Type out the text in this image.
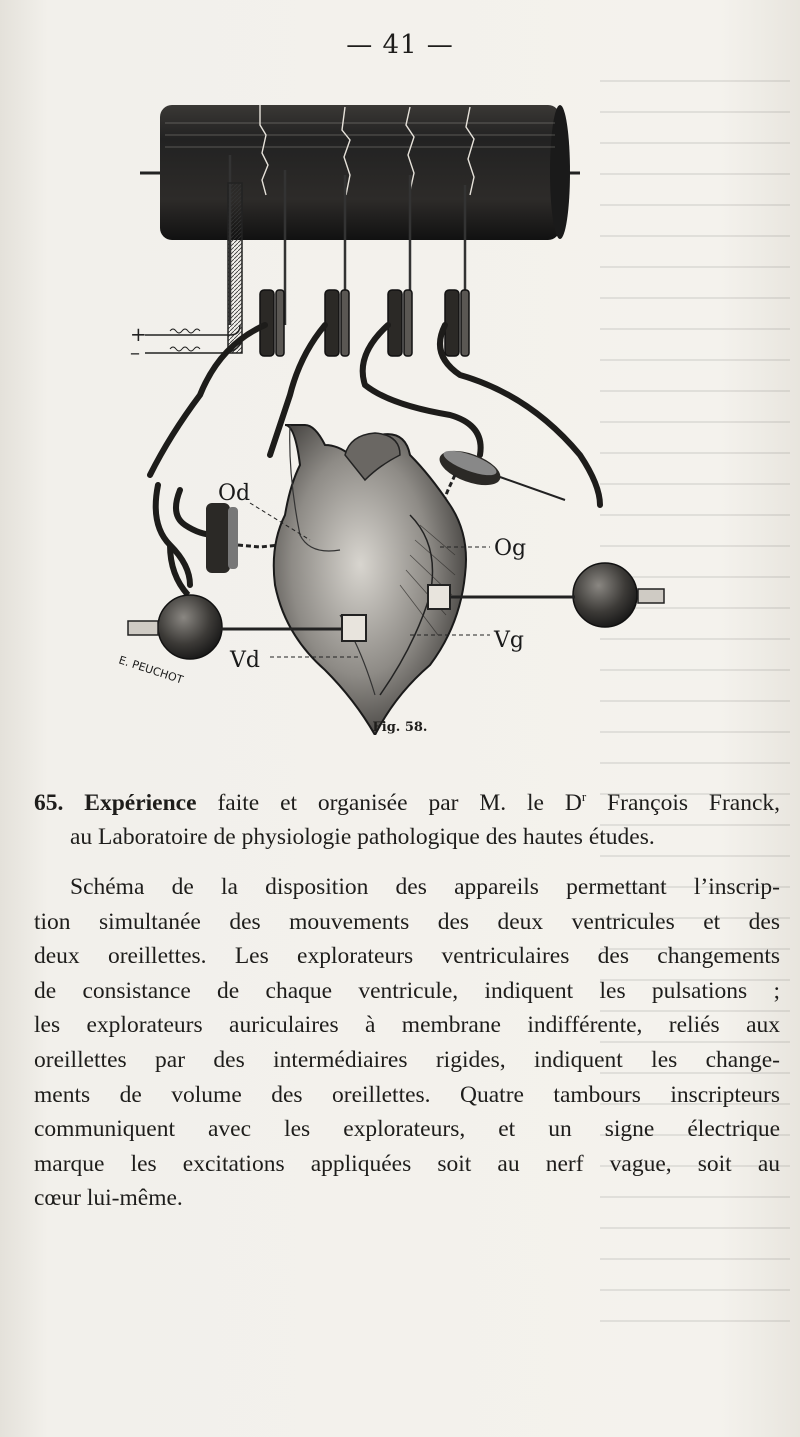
— 41 —
+
–
Od
Og
Vg
Vd
E. PEUCHOT
Fig. 58.
65. Expérience faite et organisée par M. le $D^r$ François Franck,
au Laboratoire de physiologie pathologique des hautes études.
Schéma de la disposition des appareils permettant l’inscrip-
tion simultanée des mouvements des deux ventricules et des
deux oreillettes. Les explorateurs ventriculaires des changements
de consistance de chaque ventricule, indiquent les pulsations ;
les explorateurs auriculaires à membrane indifférente, reliés aux
oreillettes par des intermédiaires rigides, indiquent les change-
ments de volume des oreillettes. Quatre tambours inscripteurs
communiquent avec les explorateurs, et un signe électrique
marque les excitations appliquées soit au nerf vague, soit au
cœur lui-même.
